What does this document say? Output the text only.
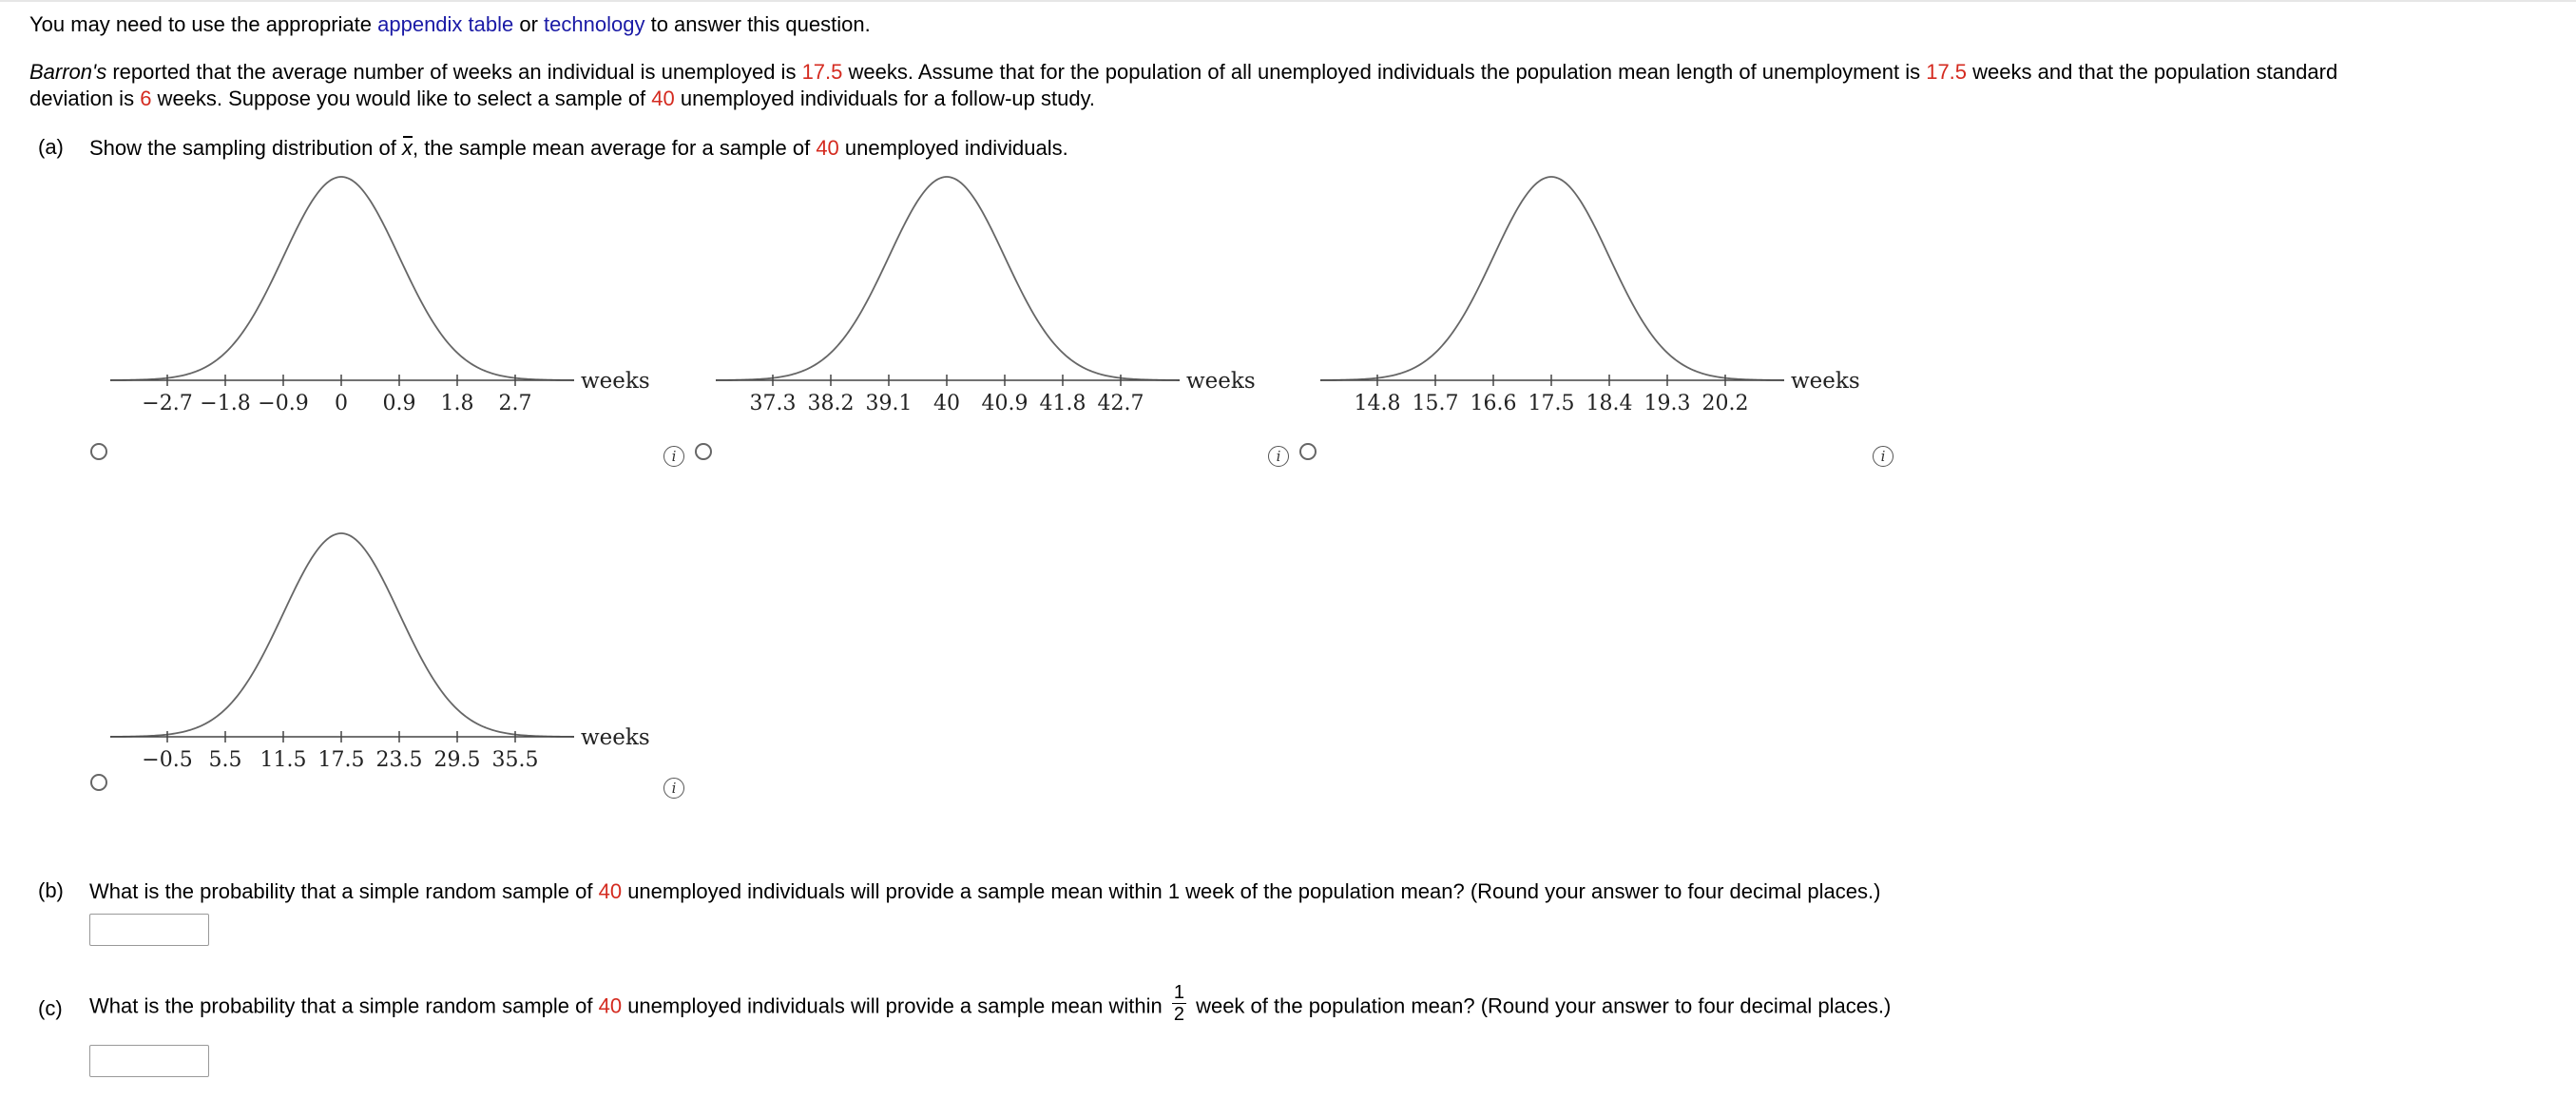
You may need to use the appropriate appendix table or technology to answer this question.
Barron's reported that the average number of weeks an individual is unemployed is 17.5 weeks. Assume that for the population of all unemployed individuals the population mean length of unemployment is 17.5 weeks and that the population standard
deviation is 6 weeks. Suppose you would like to select a sample of 40 unemployed individuals for a follow-up study.
(a) Show the sampling distribution of x, the sample mean average for a sample of 40 unemployed individuals.
−2.7 −1.8 −0.9 0 0.9 1.8 2.7
weeks
i
37.3 38.2 39.1 40 40.9 41.8 42.7
weeks
i
14.8 15.7 16.6 17.5 18.4 19.3 20.2
weeks
i
−0.5 5.5 11.5 17.5 23.5 29.5 35.5
weeks
i
(b) What is the probability that a simple random sample of 40 unemployed individuals will provide a sample mean within 1 week of the population mean? (Round your answer to four decimal places.)
(c) What is the probability that a simple random sample of 40 unemployed individuals will provide a sample mean within $\frac{1}{2}$ week of the population mean? (Round your answer to four decimal places.)
